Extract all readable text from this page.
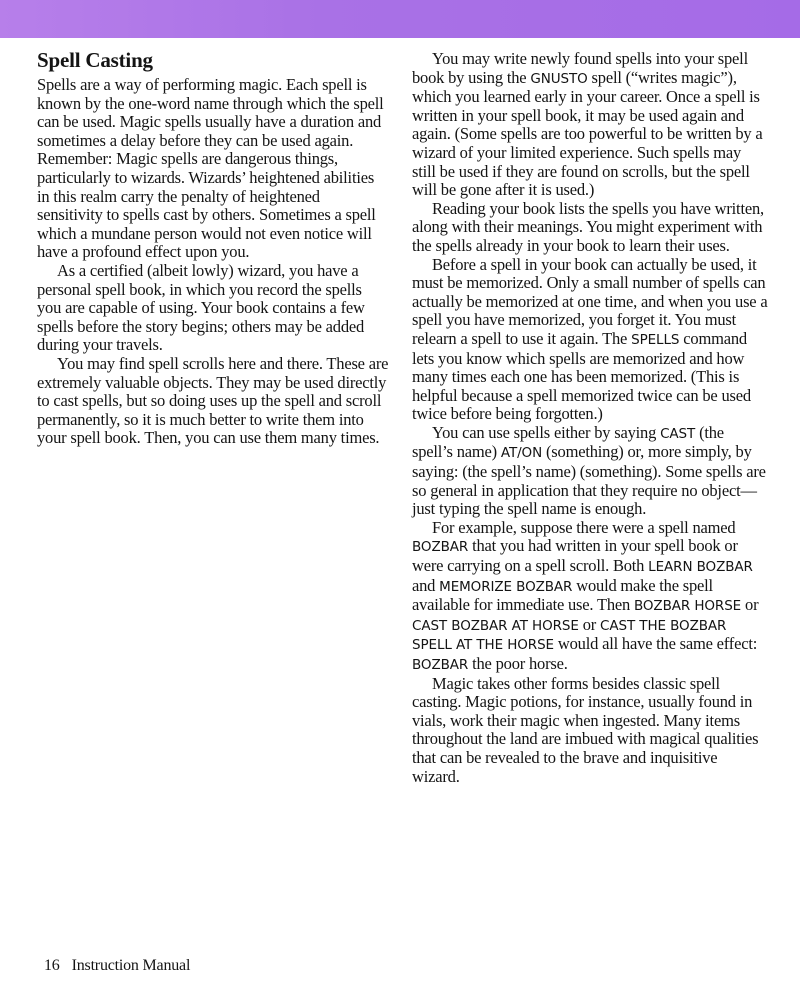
Spell Casting

Spells are a way of performing magic. Each spell is known by the one-word name through which the spell can be used. Magic spells usually have a duration and sometimes a delay before they can be used again. Remember: Magic spells are dangerous things, particularly to wizards. Wizards’ heightened abilities in this realm carry the penalty of heightened sensitivity to spells cast by others. Sometimes a spell which a mundane person would not even notice will have a profound effect upon you.

As a certified (albeit lowly) wizard, you have a personal spell book, in which you record the spells you are capable of using. Your book contains a few spells before the story begins; others may be added during your travels.

You may find spell scrolls here and there. These are extremely valuable objects. They may be used directly to cast spells, but so doing uses up the spell and scroll permanently, so it is much better to write them into your spell book. Then, you can use them many times.

You may write newly found spells into your spell book by using the GNUSTO spell (“writes magic”), which you learned early in your career. Once a spell is written in your spell book, it may be used again and again. (Some spells are too powerful to be written by a wizard of your limited experience. Such spells may still be used if they are found on scrolls, but the spell will be gone after it is used.)

Reading your book lists the spells you have written, along with their meanings. You might experiment with the spells already in your book to learn their uses.

Before a spell in your book can actually be used, it must be memorized. Only a small number of spells can actually be memorized at one time, and when you use a spell you have memorized, you forget it. You must relearn a spell to use it again. The SPELLS command lets you know which spells are memorized and how many times each one has been memorized. (This is helpful because a spell memorized twice can be used twice before being forgotten.)

You can use spells either by saying CAST (the spell’s name) AT/ON (something) or, more simply, by saying: (the spell’s name) (something). Some spells are so general in application that they require no object—just typing the spell name is enough.

For example, suppose there were a spell named BOZBAR that you had written in your spell book or were carrying on a spell scroll. Both LEARN BOZBAR and MEMORIZE BOZBAR would make the spell available for immediate use. Then BOZBAR HORSE or CAST BOZBAR AT HORSE or CAST THE BOZBAR SPELL AT THE HORSE would all have the same effect: BOZBAR the poor horse.

Magic takes other forms besides classic spell casting. Magic potions, for instance, usually found in vials, work their magic when ingested. Many items throughout the land are imbued with magical qualities that can be revealed to the brave and inquisitive wizard.

16 Instruction Manual
